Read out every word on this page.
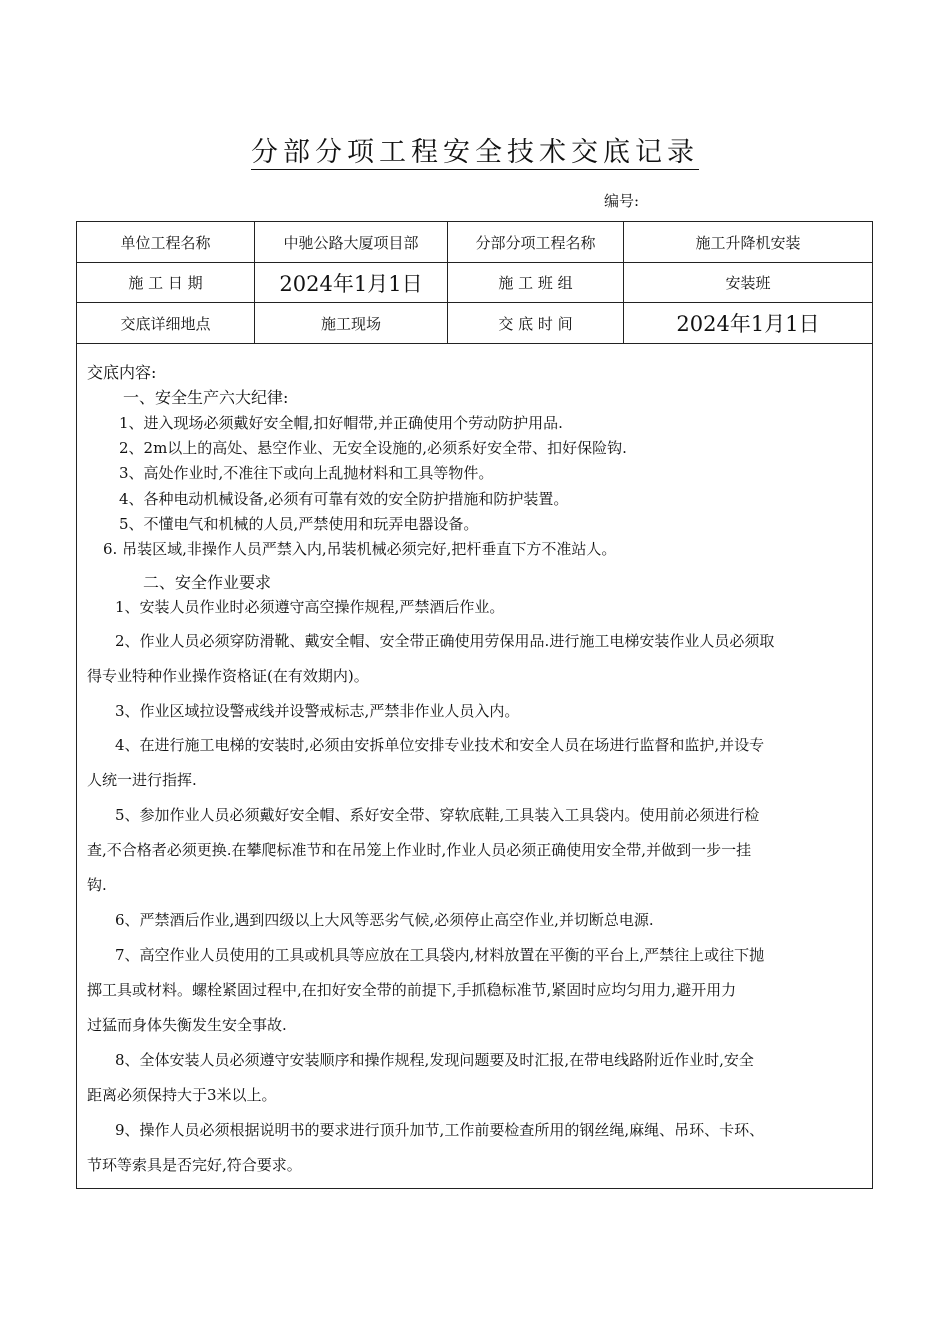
分部分项工程安全技术交底记录
编号:
单位工程名称	中驰公路大厦项目部	分部分项工程名称	施工升降机安装
施 工 日 期	2024年1月1日	施 工 班 组	安装班
交底详细地点	施工现场	交 底 时 间	2024年1月1日
交底内容:
一、安全生产六大纪律:
1、进入现场必须戴好安全帽,扣好帽带,并正确使用个劳动防护用品.
2、2m以上的高处、悬空作业、无安全设施的,必须系好安全带、扣好保险钩.
3、高处作业时,不准往下或向上乱抛材料和工具等物件。
4、各种电动机械设备,必须有可靠有效的安全防护措施和防护装置。
5、不懂电气和机械的人员,严禁使用和玩弄电器设备。
6. 吊装区域,非操作人员严禁入内,吊装机械必须完好,把杆垂直下方不准站人。
二、安全作业要求
1、安装人员作业时必须遵守高空操作规程,严禁酒后作业。
2、作业人员必须穿防滑靴、戴安全帽、安全带正确使用劳保用品.进行施工电梯安装作业人员必须取
得专业特种作业操作资格证(在有效期内)。
3、作业区域拉设警戒线并设警戒标志,严禁非作业人员入内。
4、在进行施工电梯的安装时,必须由安拆单位安排专业技术和安全人员在场进行监督和监护,并设专
人统一进行指挥.
5、参加作业人员必须戴好安全帽、系好安全带、穿软底鞋,工具装入工具袋内。使用前必须进行检
查,不合格者必须更换.在攀爬标准节和在吊笼上作业时,作业人员必须正确使用安全带,并做到一步一挂
钩.
6、严禁酒后作业,遇到四级以上大风等恶劣气候,必须停止高空作业,并切断总电源.
7、高空作业人员使用的工具或机具等应放在工具袋内,材料放置在平衡的平台上,严禁往上或往下抛
掷工具或材料。螺栓紧固过程中,在扣好安全带的前提下,手抓稳标准节,紧固时应均匀用力,避开用力
过猛而身体失衡发生安全事故.
8、全体安装人员必须遵守安装顺序和操作规程,发现问题要及时汇报,在带电线路附近作业时,安全
距离必须保持大于3米以上。
9、操作人员必须根据说明书的要求进行顶升加节,工作前要检查所用的钢丝绳,麻绳、吊环、卡环、
节环等索具是否完好,符合要求。
